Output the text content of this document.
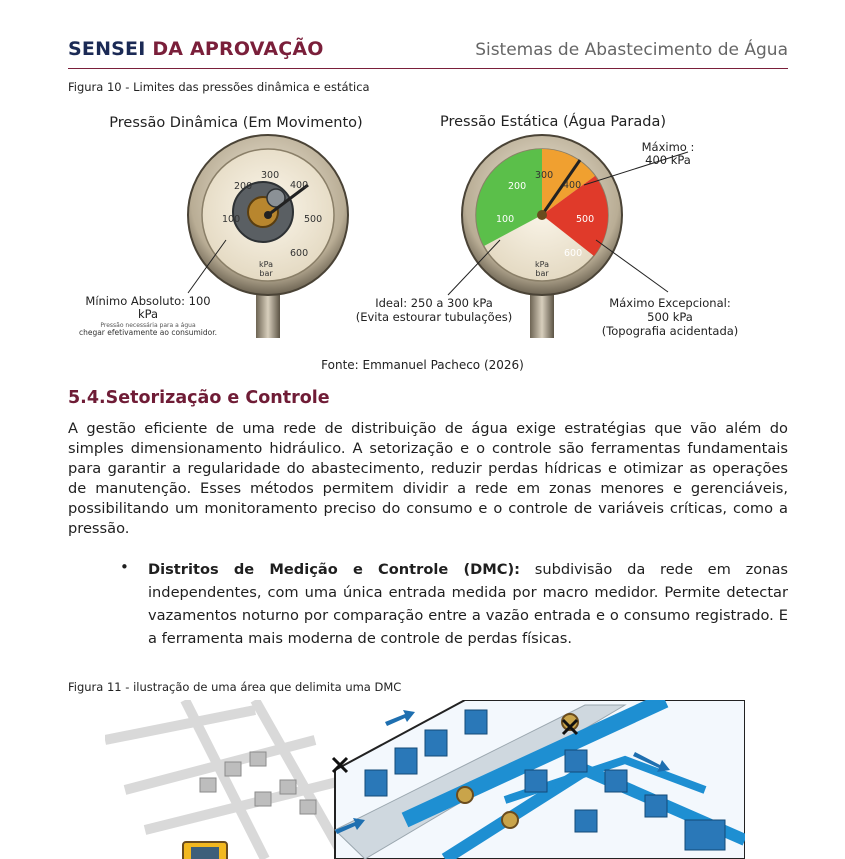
SENSEI DA APROVAÇÃO	Sistemas de Abastecimento de Água
Figura 10 - Limites das pressões dinâmica e estática
Pressão Dinâmica (Em Movimento)	Pressão Estática (Água Parada)
200
300
400
100	500
600
kPa
bar
200
300
400
100	500
600
kPa
bar
Mínimo Absoluto: 100
kPa
Pressão necessária para a água
chegar efetivamente ao consumidor.
Ideal: 250 a 300 kPa
(Evita estourar tubulações)
Máximo :
400 kPa
Máximo Excepcional:
500 kPa
(Topografia acidentada)
Fonte: Emmanuel Pacheco (2026)
5.4.Setorização e Controle
A gestão eficiente de uma rede de distribuição de água exige estratégias que vão além do simples dimensionamento hidráulico. A setorização e o controle são ferramentas fundamentais para garantir a regularidade do abastecimento, reduzir perdas hídricas e otimizar as operações de manutenção. Esses métodos permitem dividir a rede em zonas menores e gerenciáveis, possibilitando um monitoramento preciso do consumo e o controle de variáveis críticas, como a pressão.
• Distritos de Medição e Controle (DMC): subdivisão da rede em zonas independentes, com uma única entrada medida por macro medidor. Permite detectar vazamentos noturno por comparação entre a vazão entrada e o consumo registrado. E a ferramenta mais moderna de controle de perdas físicas.
Figura 11 - ilustração de uma área que delimita uma DMC
